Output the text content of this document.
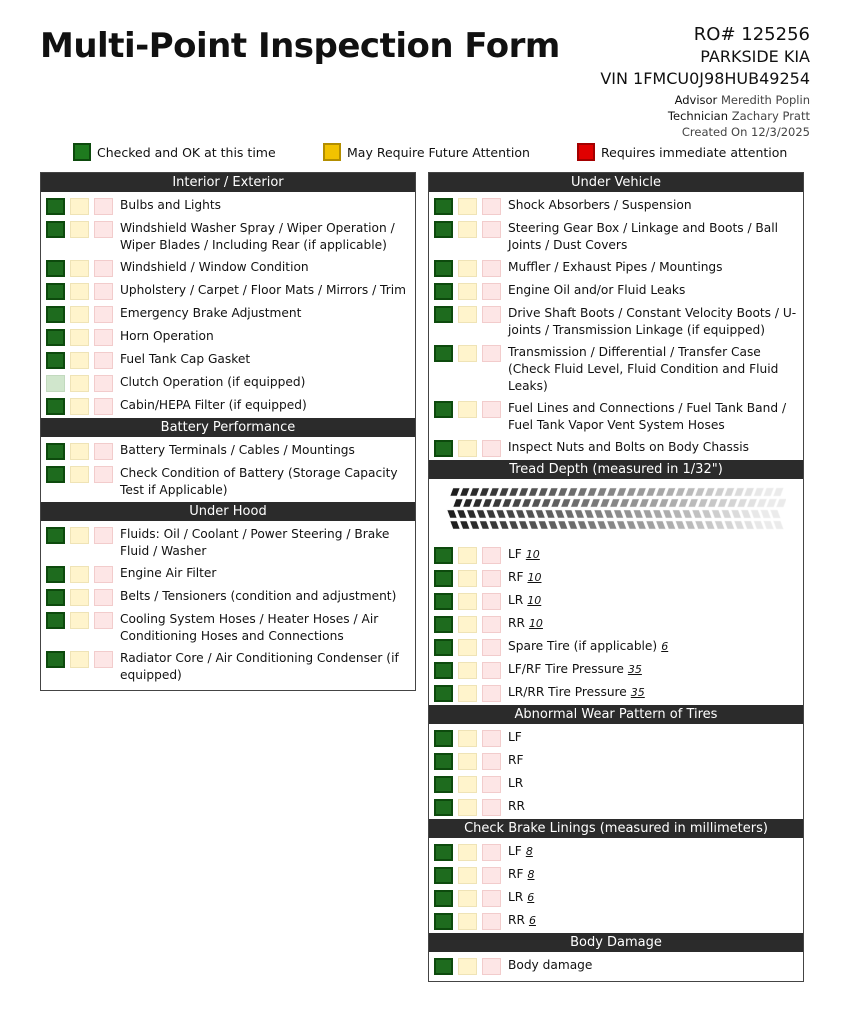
Multi-Point Inspection Form	RO# 125256
PARKSIDE KIA
VIN 1FMCU0J98HUB49254
Advisor Meredith Poplin
Technician Zachary Pratt
Created On 12/3/2025
Checked and OK at this time	May Require Future Attention	Requires immediate attention
Interior / Exterior
Bulbs and Lights
Windshield Washer Spray / Wiper Operation / Wiper Blades / Including Rear (if applicable)
Windshield / Window Condition
Upholstery / Carpet / Floor Mats / Mirrors / Trim
Emergency Brake Adjustment
Horn Operation
Fuel Tank Cap Gasket
Clutch Operation (if equipped)
Cabin/HEPA Filter (if equipped)
Battery Performance
Battery Terminals / Cables / Mountings
Check Condition of Battery (Storage Capacity Test if Applicable)
Under Hood
Fluids: Oil / Coolant / Power Steering / Brake Fluid / Washer
Engine Air Filter
Belts / Tensioners (condition and adjustment)
Cooling System Hoses / Heater Hoses / Air Conditioning Hoses and Connections
Radiator Core / Air Conditioning Condenser (if equipped)
Under Vehicle
Shock Absorbers / Suspension
Steering Gear Box / Linkage and Boots / Ball Joints / Dust Covers
Muffler / Exhaust Pipes / Mountings
Engine Oil and/or Fluid Leaks
Drive Shaft Boots / Constant Velocity Boots / U-joints / Transmission Linkage (if equipped)
Transmission / Differential / Transfer Case (Check Fluid Level, Fluid Condition and Fluid Leaks)
Fuel Lines and Connections / Fuel Tank Band / Fuel Tank Vapor Vent System Hoses
Inspect Nuts and Bolts on Body Chassis
Tread Depth (measured in 1/32")
LF 10
RF 10
LR 10
RR 10
Spare Tire (if applicable) 6
LF/RF Tire Pressure 35
LR/RR Tire Pressure 35
Abnormal Wear Pattern of Tires
LF
RF
LR
RR
Check Brake Linings (measured in millimeters)
LF 8
RF 8
LR 6
RR 6
Body Damage
Body damage
